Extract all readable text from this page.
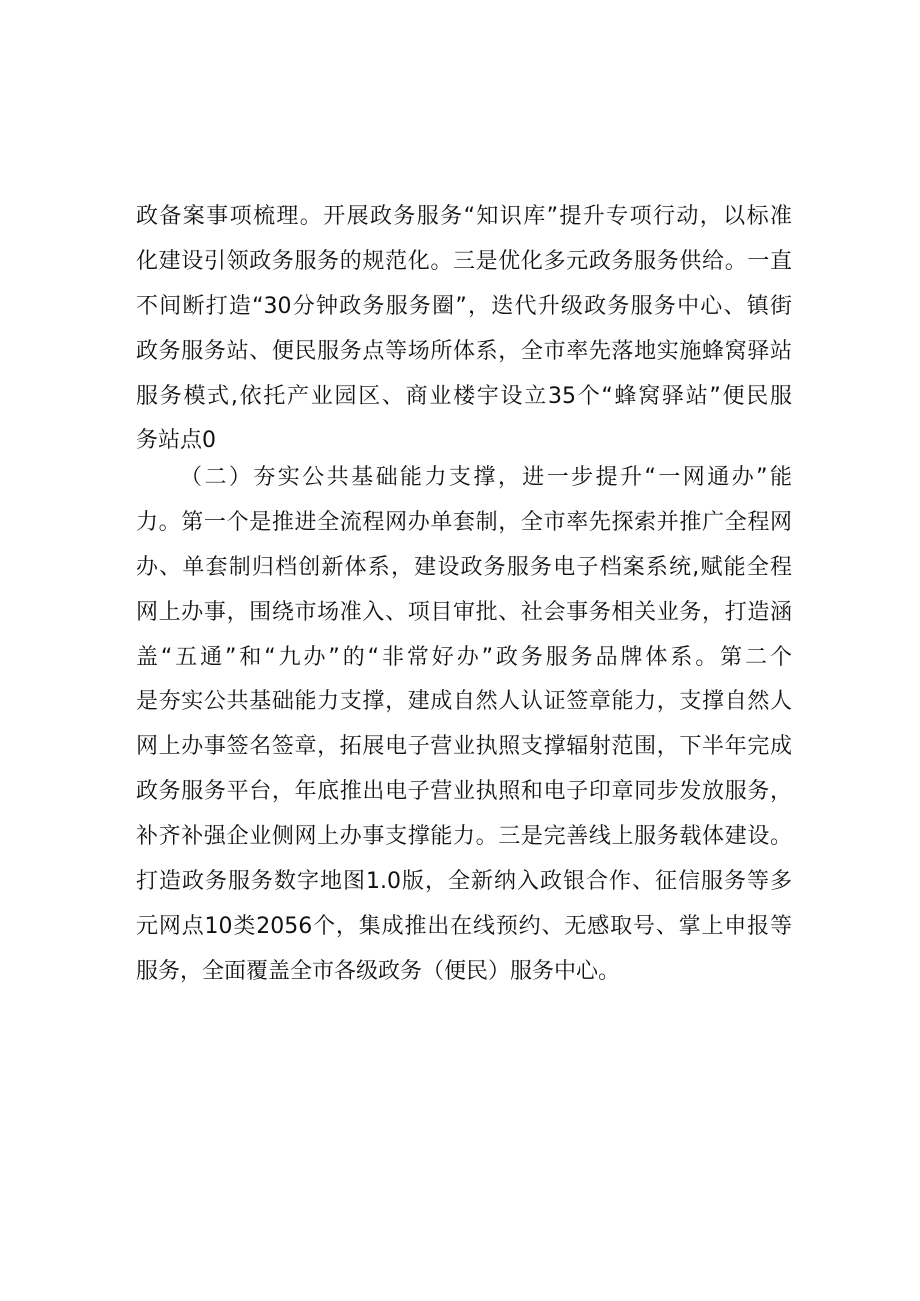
政备案事项梳理。开展政务服务“知识库”提升专项行动，以标准
化建设引领政务服务的规范化。三是优化多元政务服务供给。一直
不间断打造“30分钟政务服务圈”，迭代升级政务服务中心、镇街
政务服务站、便民服务点等场所体系，全市率先落地实施蜂窝驿站
服务模式,依托产业园区、商业楼宇设立35个“蜂窝驿站”便民服
务站点0
（二）夯实公共基础能力支撑，进一步提升“一网通办”能
力。第一个是推进全流程网办单套制，全市率先探索并推广全程网
办、单套制归档创新体系，建设政务服务电子档案系统,赋能全程
网上办事，围绕市场准入、项目审批、社会事务相关业务，打造涵
盖“五通”和“九办”的“非常好办”政务服务品牌体系。第二个
是夯实公共基础能力支撑，建成自然人认证签章能力，支撑自然人
网上办事签名签章，拓展电子营业执照支撑辐射范围，下半年完成
政务服务平台，年底推出电子营业执照和电子印章同步发放服务，
补齐补强企业侧网上办事支撑能力。三是完善线上服务载体建设。
打造政务服务数字地图1.0版，全新纳入政银合作、征信服务等多
元网点10类2056个，集成推出在线预约、无感取号、掌上申报等
服务，全面覆盖全市各级政务（便民）服务中心。
